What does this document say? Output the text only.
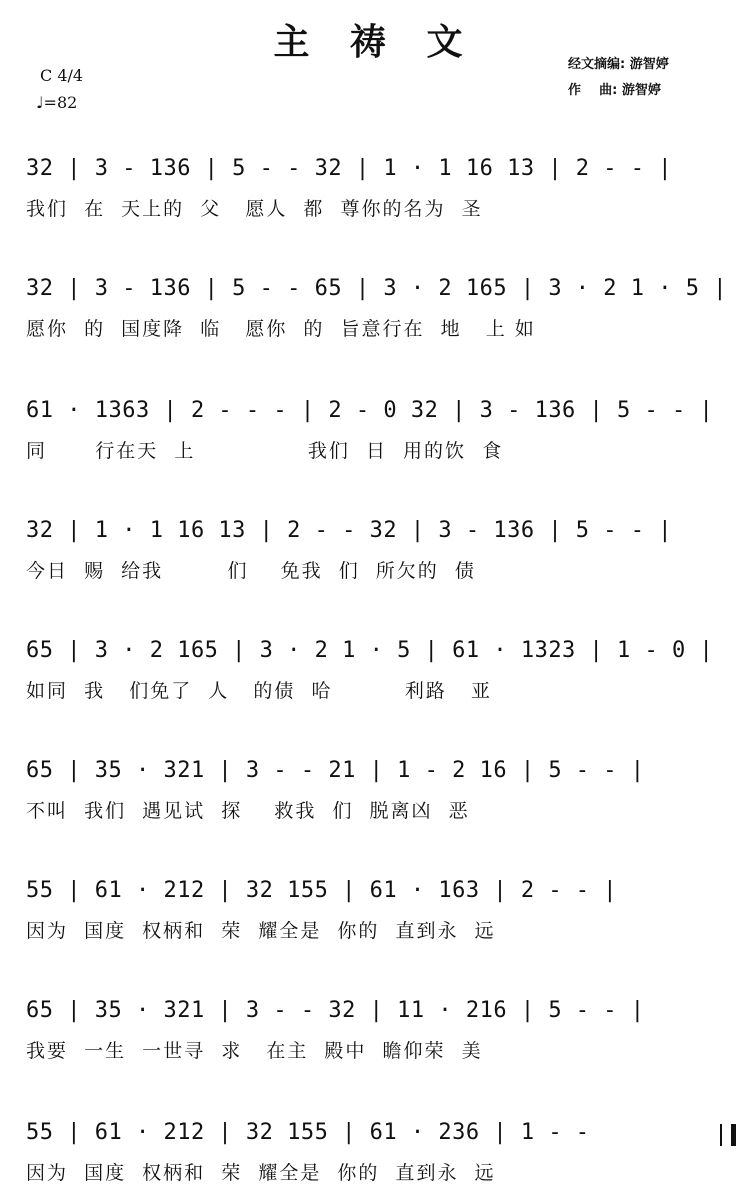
主 祷 文
C 4/4
♩=82
经文摘编: 游智婷
作    曲: 游智婷
32 | 3 - 136 | 5 - - 32 | 1 · 1 16 13 | 2 - - |
我们  在  天上的  父   愿人  都  尊你的名为  圣
32 | 3 - 136 | 5 - - 65 | 3 · 2 165 | 3 · 2 1 · 5 |
愿你  的  国度降  临   愿你  的  旨意行在  地   上 如
61 · 1363 | 2 - - - | 2 - 0 32 | 3 - 136 | 5 - - |
同      行在天  上              我们  日  用的饮  食
32 | 1 · 1 16 13 | 2 - - 32 | 3 - 136 | 5 - - |
今日  赐  给我        们    免我  们  所欠的  债
65 | 3 · 2 165 | 3 · 2 1 · 5 | 61 · 1323 | 1 - 0 |
如同  我   们免了  人   的债  哈         利路   亚
65 | 35 · 321 | 3 - - 21 | 1 - 2 16 | 5 - - |
不叫  我们  遇见试  探    救我  们  脱离凶  恶
55 | 61 · 212 | 32 155 | 61 · 163 | 2 - - |
因为  国度  权柄和  荣  耀全是  你的  直到永  远
65 | 35 · 321 | 3 - - 32 | 11 · 216 | 5 - - |
我要  一生  一世寻  求   在主  殿中  瞻仰荣  美
55 | 61 · 212 | 32 155 | 61 · 236 | 1 - -
因为  国度  权柄和  荣  耀全是  你的  直到永  远
